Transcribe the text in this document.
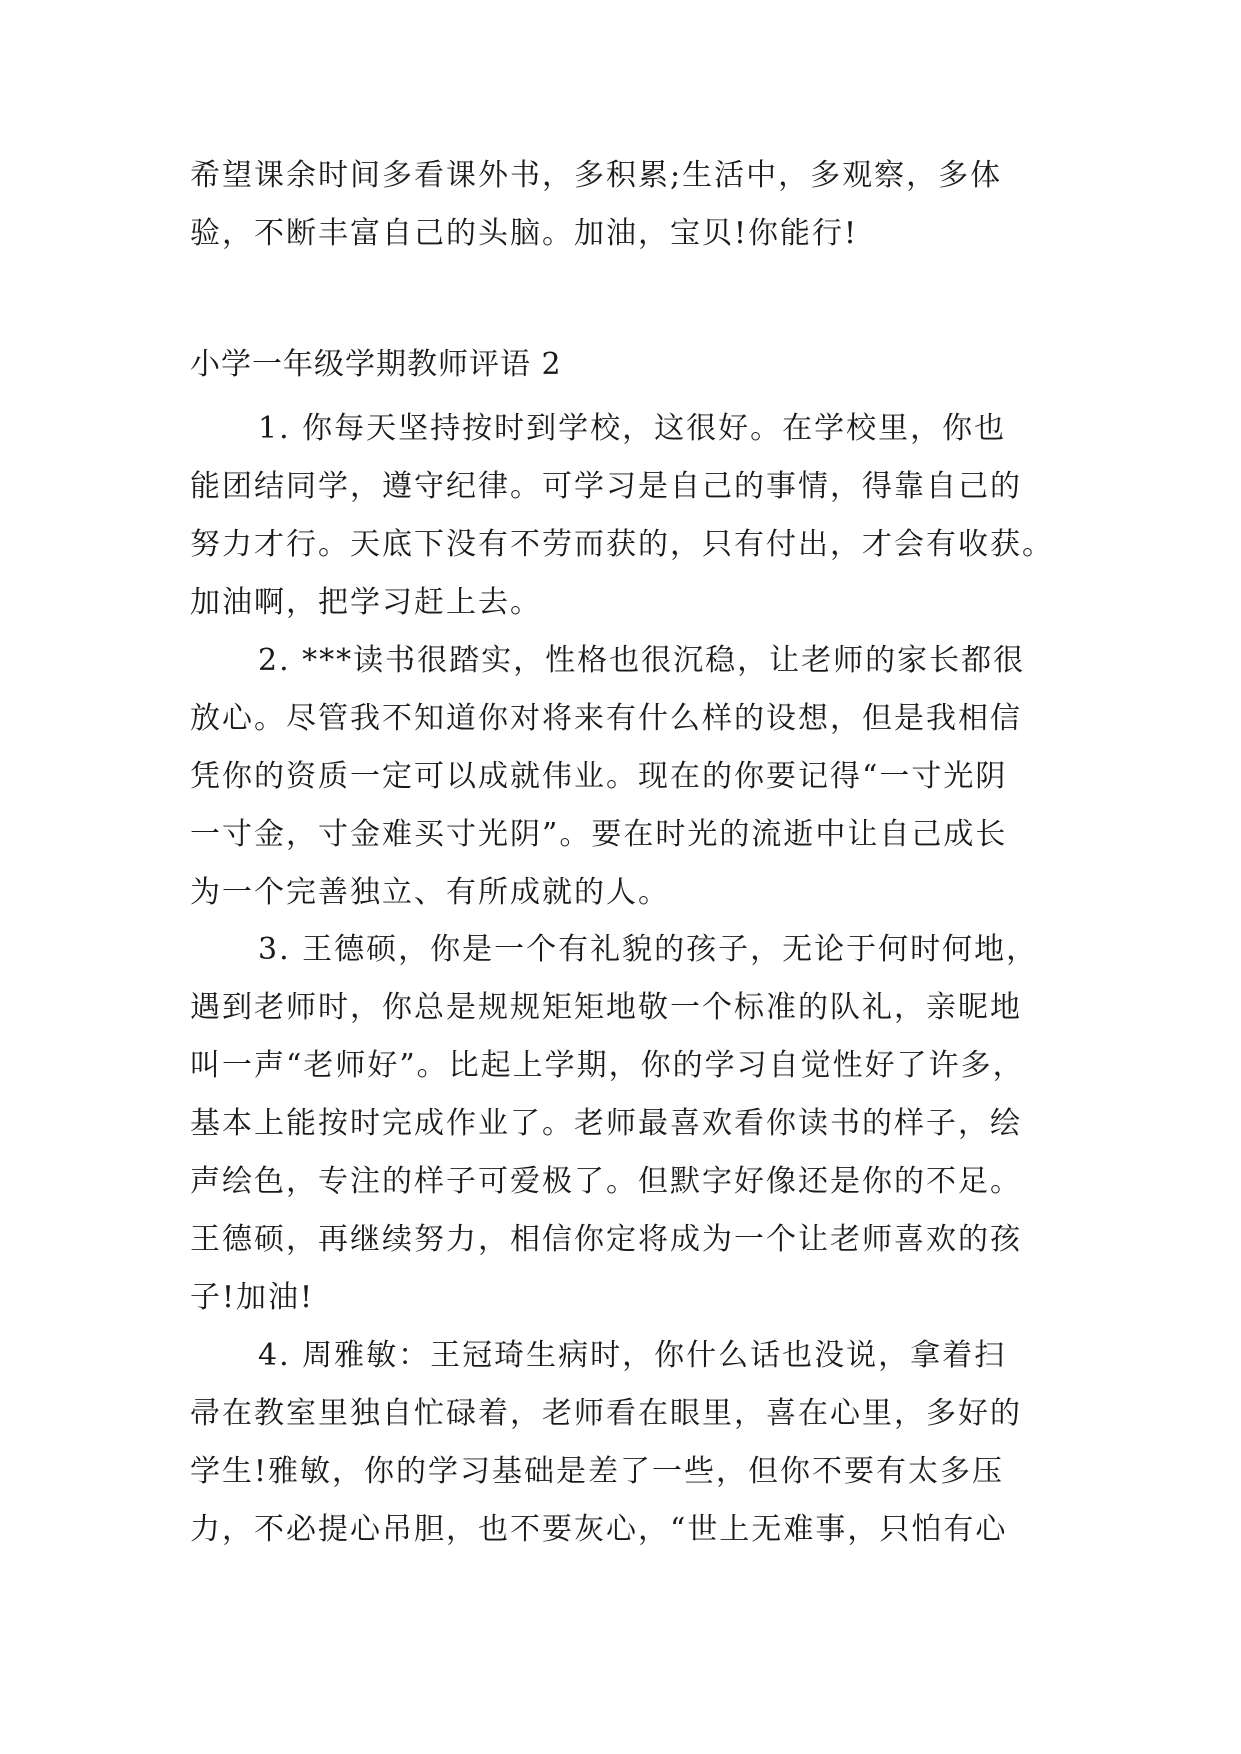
希望课余时间多看课外书，多积累;生活中，多观察，多体
验，不断丰富自己的头脑。加油，宝贝!你能行!
小学一年级学期教师评语 2
1. 你每天坚持按时到学校，这很好。在学校里，你也
能团结同学，遵守纪律。可学习是自己的事情，得靠自己的
努力才行。天底下没有不劳而获的，只有付出，才会有收获。
加油啊，把学习赶上去。
2. ***读书很踏实，性格也很沉稳，让老师的家长都很
放心。尽管我不知道你对将来有什么样的设想，但是我相信
凭你的资质一定可以成就伟业。现在的你要记得“一寸光阴
一寸金，寸金难买寸光阴”。要在时光的流逝中让自己成长
为一个完善独立、有所成就的人。
3. 王德硕，你是一个有礼貌的孩子，无论于何时何地，
遇到老师时，你总是规规矩矩地敬一个标准的队礼，亲昵地
叫一声“老师好”。比起上学期，你的学习自觉性好了许多，
基本上能按时完成作业了。老师最喜欢看你读书的样子，绘
声绘色，专注的样子可爱极了。但默字好像还是你的不足。
王德硕，再继续努力，相信你定将成为一个让老师喜欢的孩
子!加油!
4. 周雅敏：王冠琦生病时，你什么话也没说，拿着扫
帚在教室里独自忙碌着，老师看在眼里，喜在心里，多好的
学生!雅敏，你的学习基础是差了一些，但你不要有太多压
力，不必提心吊胆，也不要灰心，“世上无难事，只怕有心
